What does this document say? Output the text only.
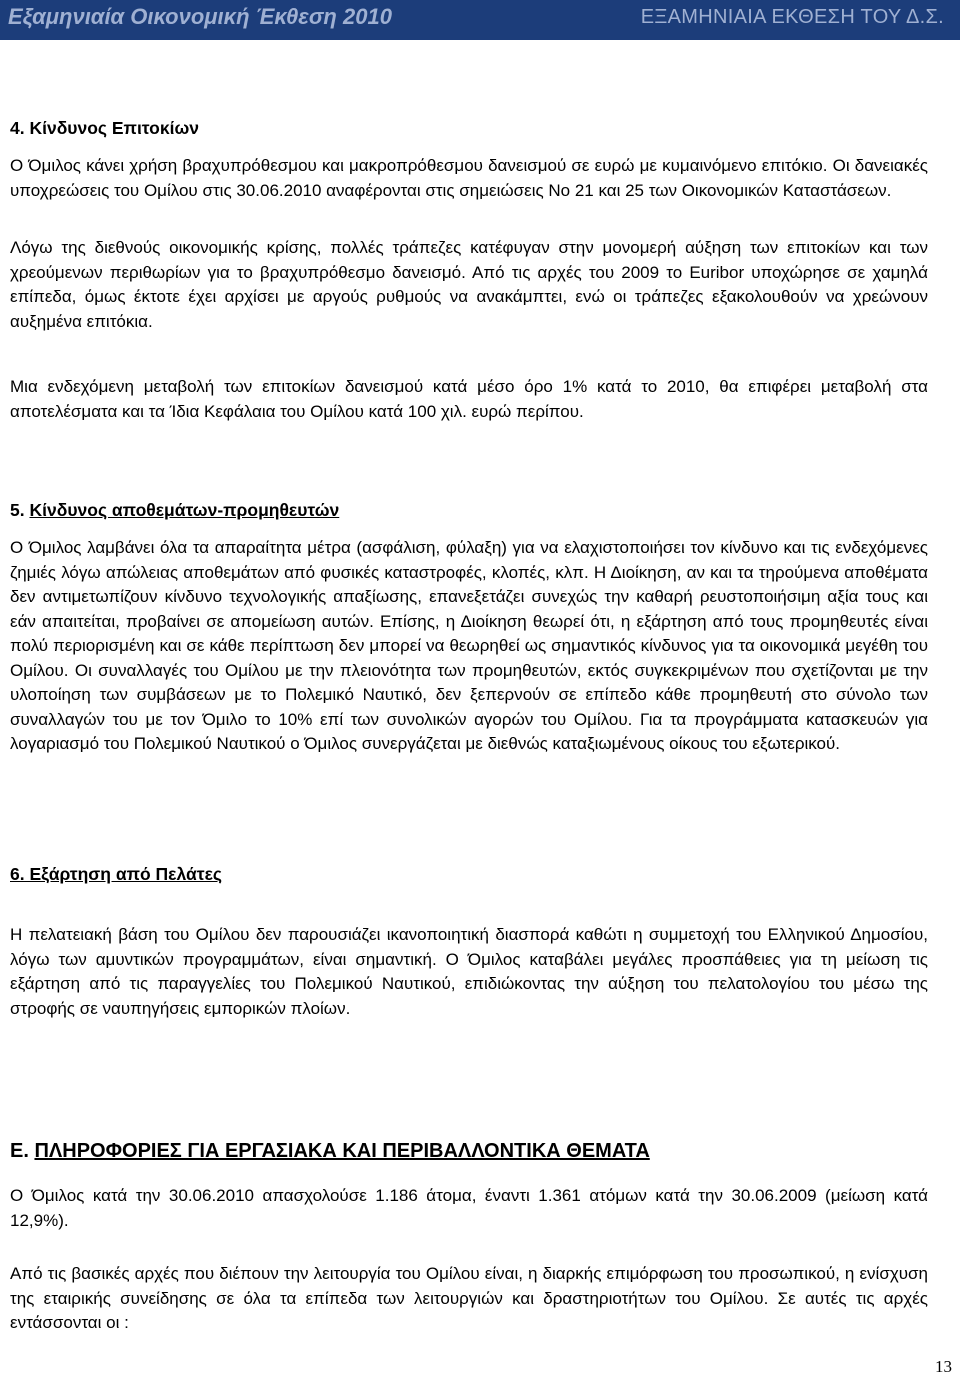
Εξαμηνιαία Οικονομική Έκθεση 2010	ΕΞΑΜΗΝΙΑΙΑ ΕΚΘΕΣΗ ΤΟΥ Δ.Σ.
4. Κίνδυνος Επιτοκίων

Ο Όμιλος κάνει χρήση βραχυπρόθεσμου και μακροπρόθεσμου δανεισμού σε ευρώ με κυμαινόμενο επιτόκιο. Οι δανειακές υποχρεώσεις του Ομίλου στις 30.06.2010 αναφέρονται στις σημειώσεις Νο 21 και 25 των Οικονομικών Καταστάσεων.

Λόγω της διεθνούς οικονομικής κρίσης, πολλές τράπεζες κατέφυγαν στην μονομερή αύξηση των επιτοκίων και των χρεούμενων περιθωρίων για το βραχυπρόθεσμο δανεισμό. Από τις αρχές του 2009 το Euribor υποχώρησε σε χαμηλά επίπεδα, όμως έκτοτε έχει αρχίσει με αργούς ρυθμούς να ανακάμπτει, ενώ οι τράπεζες εξακολουθούν να χρεώνουν αυξημένα επιτόκια.

Μια ενδεχόμενη μεταβολή των επιτοκίων δανεισμού κατά μέσο όρο 1% κατά το 2010, θα επιφέρει μεταβολή στα αποτελέσματα και τα Ίδια Κεφάλαια του Ομίλου κατά 100 χιλ. ευρώ περίπου.

5. Κίνδυνος αποθεμάτων-προμηθευτών

Ο Όμιλος λαμβάνει όλα τα απαραίτητα μέτρα (ασφάλιση, φύλαξη) για να ελαχιστοποιήσει τον κίνδυνο και τις ενδεχόμενες ζημιές λόγω απώλειας αποθεμάτων από φυσικές καταστροφές, κλοπές, κλπ. Η Διοίκηση, αν και τα τηρούμενα αποθέματα δεν αντιμετωπίζουν κίνδυνο τεχνολογικής απαξίωσης, επανεξετάζει συνεχώς την καθαρή ρευστοποιήσιμη αξία τους και εάν απαιτείται, προβαίνει σε απομείωση αυτών. Επίσης, η Διοίκηση θεωρεί ότι, η εξάρτηση από τους προμηθευτές είναι πολύ περιορισμένη και σε κάθε περίπτωση δεν μπορεί να θεωρηθεί ως σημαντικός κίνδυνος για τα οικονομικά μεγέθη του Ομίλου. Οι συναλλαγές του Ομίλου με την πλειονότητα των προμηθευτών, εκτός συγκεκριμένων που σχετίζονται με την υλοποίηση των συμβάσεων με το Πολεμικό Ναυτικό, δεν ξεπερνούν σε επίπεδο κάθε προμηθευτή στο σύνολο των συναλλαγών του με τον Όμιλο το 10% επί των συνολικών αγορών του Ομίλου. Για τα προγράμματα κατασκευών για λογαριασμό του Πολεμικού Ναυτικού ο Όμιλος συνεργάζεται με διεθνώς καταξιωμένους οίκους του εξωτερικού.

6. Εξάρτηση από Πελάτες

Η πελατειακή βάση του Ομίλου δεν παρουσιάζει ικανοποιητική διασπορά καθώτι η συμμετοχή του Ελληνικού Δημοσίου, λόγω των αμυντικών προγραμμάτων, είναι σημαντική. Ο Όμιλος καταβάλει μεγάλες προσπάθειες για τη μείωση τις εξάρτηση από τις παραγγελίες του Πολεμικού Ναυτικού, επιδιώκοντας την αύξηση του πελατολογίου του μέσω της στροφής σε ναυπηγήσεις εμπορικών πλοίων.

Ε. ΠΛΗΡΟΦΟΡΙΕΣ ΓΙΑ ΕΡΓΑΣΙΑΚΑ ΚΑΙ ΠΕΡΙΒΑΛΛΟΝΤΙΚΑ ΘΕΜΑΤΑ

Ο Όμιλος κατά την 30.06.2010 απασχολούσε 1.186 άτομα, έναντι 1.361 ατόμων κατά την 30.06.2009 (μείωση κατά 12,9%).

Από τις βασικές αρχές που διέπουν την λειτουργία του Ομίλου είναι, η διαρκής επιμόρφωση του προσωπικού, η ενίσχυση της εταιρικής συνείδησης σε όλα τα επίπεδα των λειτουργιών και δραστηριοτήτων του Ομίλου. Σε αυτές τις αρχές εντάσσονται οι :

13
